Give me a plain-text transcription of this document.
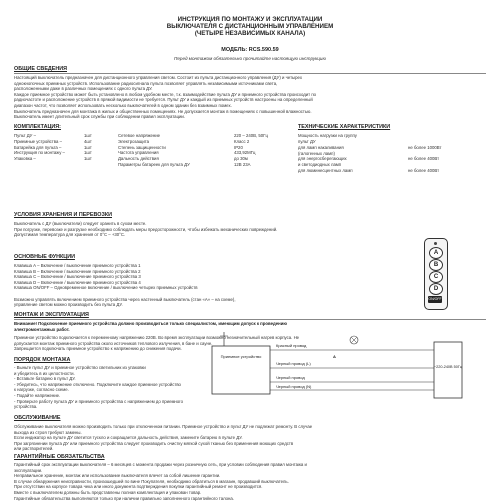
ИНСТРУКЦИЯ ПО МОНТАЖУ И ЭКСПЛУАТАЦИИ
ВЫКЛЮЧАТЕЛЯ С ДИСТАНЦИОННЫМ УПРАВЛЕНИЕМ
(ЧЕТЫРЕ НЕЗАВИСИМЫХ КАНАЛА)
МОДЕЛЬ: RCS.590.59
Перед монтажом обязательно прочитайте настоящую инструкцию
ОБЩИЕ СВЕДЕНИЯ
Настоящий выключатель предназначен для дистанционного управления светом. Состоит из пульта дистанционного управления (ДУ) и четырех
однокнопочных приемных устройств. Использование радиосигнала пульта позволяет управлять независимыми источниками света,
расположенными даже в различных помещениях с одного пульта ДУ.
Каждое приемное устройство может быть установлено в любом удобном месте, т.к. взаимодействие пульта ДУ и приемного устройства происходит по
радиочастоте и расположение устройств в прямой видимости не требуется. Пульт ДУ и каждый из приемных устройств настроены на определенный
диапазон частот, что позволяет использовать несколько выключателей в одном здании без взаимных помех.
Выключатель предназначен для монтажа в жилых и общественных помещениях. Не допускается монтаж в помещениях с повышенной влажностью.
Выключатель имеет длительный срок службы при соблюдении правил эксплуатации.
КОМПЛЕКТАЦИЯ:
Пульт ДУ –	1шт
Приемные устройства –	4шт
Батарейка для пульта –	1шт
Инструкция по монтажу –	1шт
Упаковка –	1шт
ТЕХНИЧЕСКИЕ ХАРАКТЕРИСТИКИ
Сетевое напряжение	220 – 240В, 50Гц
Электрозащита	Класс 2
Степень защищенности	IP20
Частота управления	433,92МГц
Дальность действия	до 30м
Параметры батареек для пульта ДУ	12В 23А
Мощность нагрузки на группу
пульт ДУ
для ламп накаливания	не более 1000Вт
(галогенных ламп)
для энергосберегающих	не более 400Вт
и светодиодных ламп
для люминесцентных ламп	не более 400Вт
УСЛОВИЯ ХРАНЕНИЯ И ПЕРЕВОЗКИ
Выключатель с ДУ (выключатели) следует хранить в сухом месте.
При погрузке, перевозке и разгрузке необходимо соблюдать меры предосторожности, чтобы избежать механических повреждений.
Допустимая температура для хранения от 0°С – +30°С.
ОСНОВНЫЕ ФУНКЦИИ
Клавиша А – Включение / выключение приемного устройства 1
Клавиша В – Включение / выключение приемного устройства 2
Клавиша С – Включение / выключение приемного устройства 3
Клавиша D – Включение / выключение приемного устройства 4
Клавиша ON/OFF – Одновременное включение / выключение четырех приемных устройств

Возможно управлять включением приемного устройства через настенный выключатель (стан «А» – на схеме),
управление светом можно производить без пульта ДУ.
A
B
C
D
ON/OFF
МОНТАЖ И ЭКСПЛУАТАЦИЯ
Внимание! Подключение приемного устройства должно производиться только специалистом, имеющим допуск к проведению
электромонтажных работ.
Приемное устройство подключается к переменному напряжению 220В. Во время эксплуатации возможно незначительный нагрев корпуса. Не
допускается монтаж приемного устройства около источников теплового излучения, в бане и сауне.
Запрещается подключать приемное устройство к напряжению до снижения подачи.
ПОРЯДОК МОНТАЖА
- Выньте пульт ДУ и приемное устройство светильник из упаковки
и убедитесь в их целостности.
- Вставьте батарею в пульт ДУ.
- Убедитесь, что напряжение отключено. Подключите каждое приемное устройство
к нагрузке, согласно схеме.
- Подайте напряжение.
- Проверьте работу пульта ДУ и приемного устройства с напряжением до приемного
устройства.
Приемное устройство
Красный провод
Черный провод (L)
Черный провод
Черный провод (N)
A
~220-240В 50Гц
ОБСЛУЖИВАНИЕ
Обслуживание выключателя можно производить только при отключенном питании. Приемное устройство и пульт ДУ не подлежат ремонту. В случае
выхода из строя требуют замены.
Если индикатор на пульте ДУ светится тускло и сокращается дальность действия, замените батарею в пульте ДУ.
При загрязнении пульта ДУ или приемного устройства следует производить очистку мягкой сухой тканью без применения моющих средств
или растворителей.
ГАРАНТИЙНЫЕ ОБЯЗАТЕЛЬСТВА
Гарантийный срок эксплуатации выключателя – 6 месяцев с момента продажи через розничную сеть, при условии соблюдения правил монтажа и
эксплуатации.
Неправильное хранение, монтаж или использование выключателя влечет за собой лишение гарантии.
В случае обнаружения неисправности, произошедшей по вине Покупателя, необходимо обратиться в магазин, продавший выключатель.
При отсутствии на корпусе товара чека или иного документа подтверждения покупки гарантийный ремонт не производится.
Вместе с выключателем должны быть представлены полная комплектация и упакован товар.
Гарантийные обязательства выполняются только при наличии правильно заполненного гарантийного талона.
